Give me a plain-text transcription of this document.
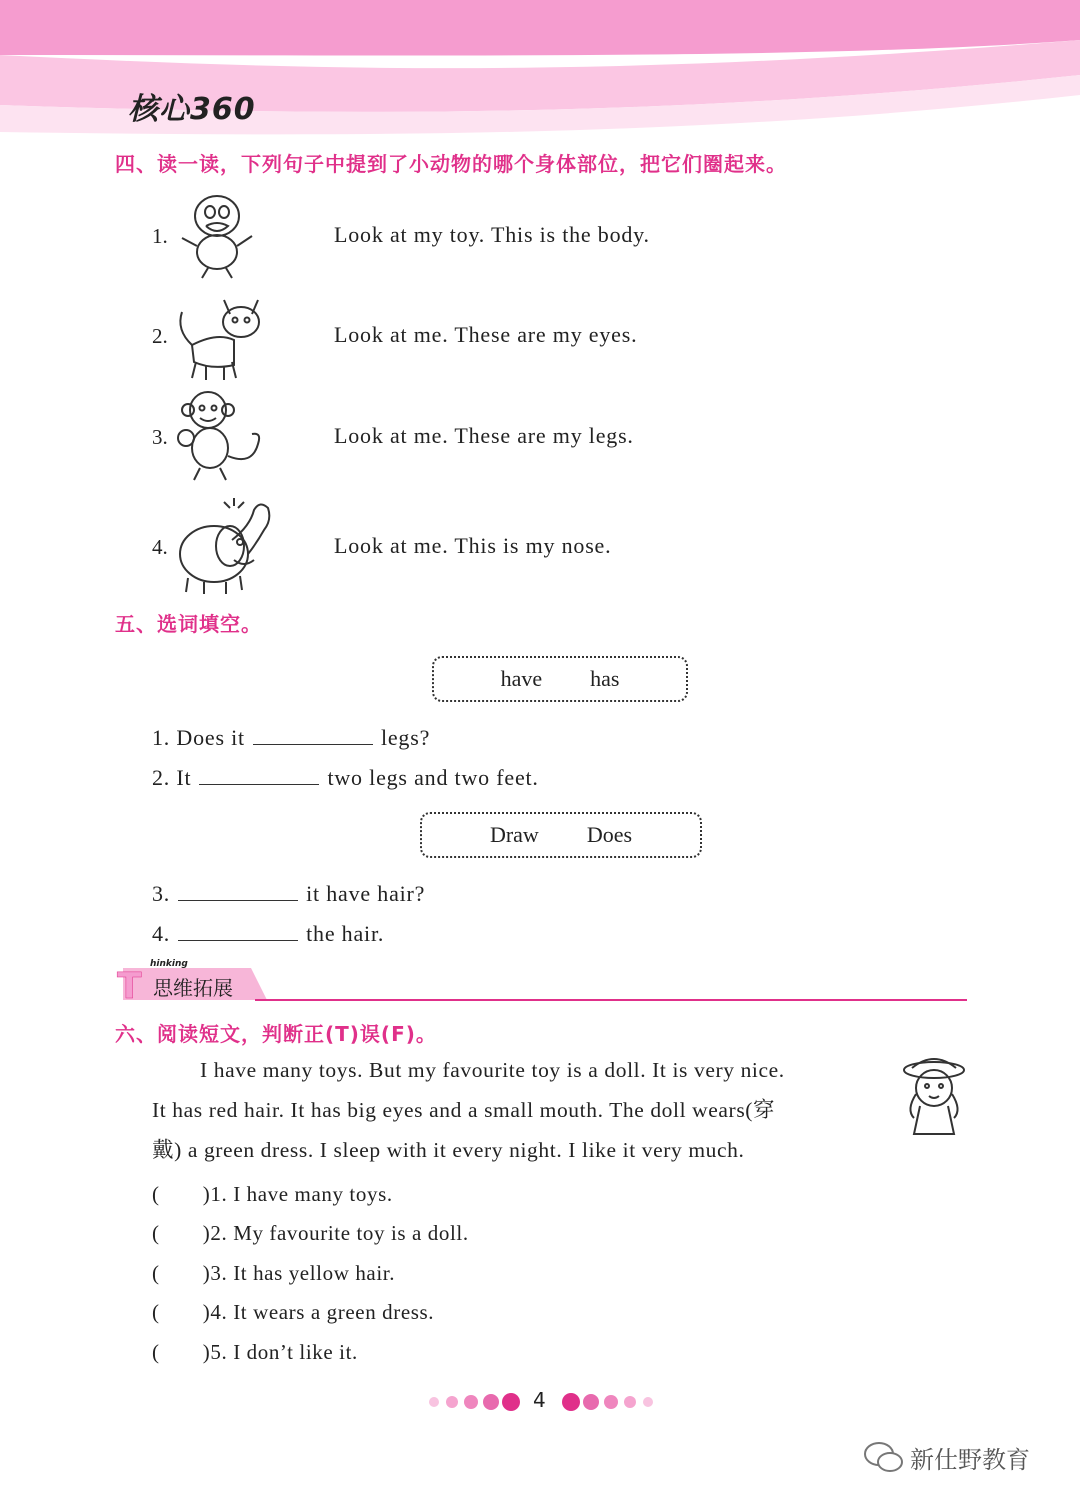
核心360
四、读一读，下列句子中提到了小动物的哪个身体部位，把它们圈起来。
1.	Look at my toy. This is the body.
2.	Look at me. These are my eyes.
3.	Look at me. These are my legs.
4.	Look at me. This is my nose.
五、选词填空。
have has
1. Does it	legs?
2. It	two legs and two feet.
Draw Does
3.	it have hair?
4.	the hair.
T
hinking
思维拓展
六、阅读短文，判断正(T)误(F)。
I have many toys. But my favourite toy is a doll. It is very nice.
It has red hair. It has big eyes and a small mouth. The doll wears(穿
戴) a green dress. I sleep with it every night. I like it very much.
(　　)1. I have many toys.
(　　)2. My favourite toy is a doll.
(　　)3. It has yellow hair.
(　　)4. It wears a green dress.
(　　)5. I don’t like it.
4
新仕野教育
